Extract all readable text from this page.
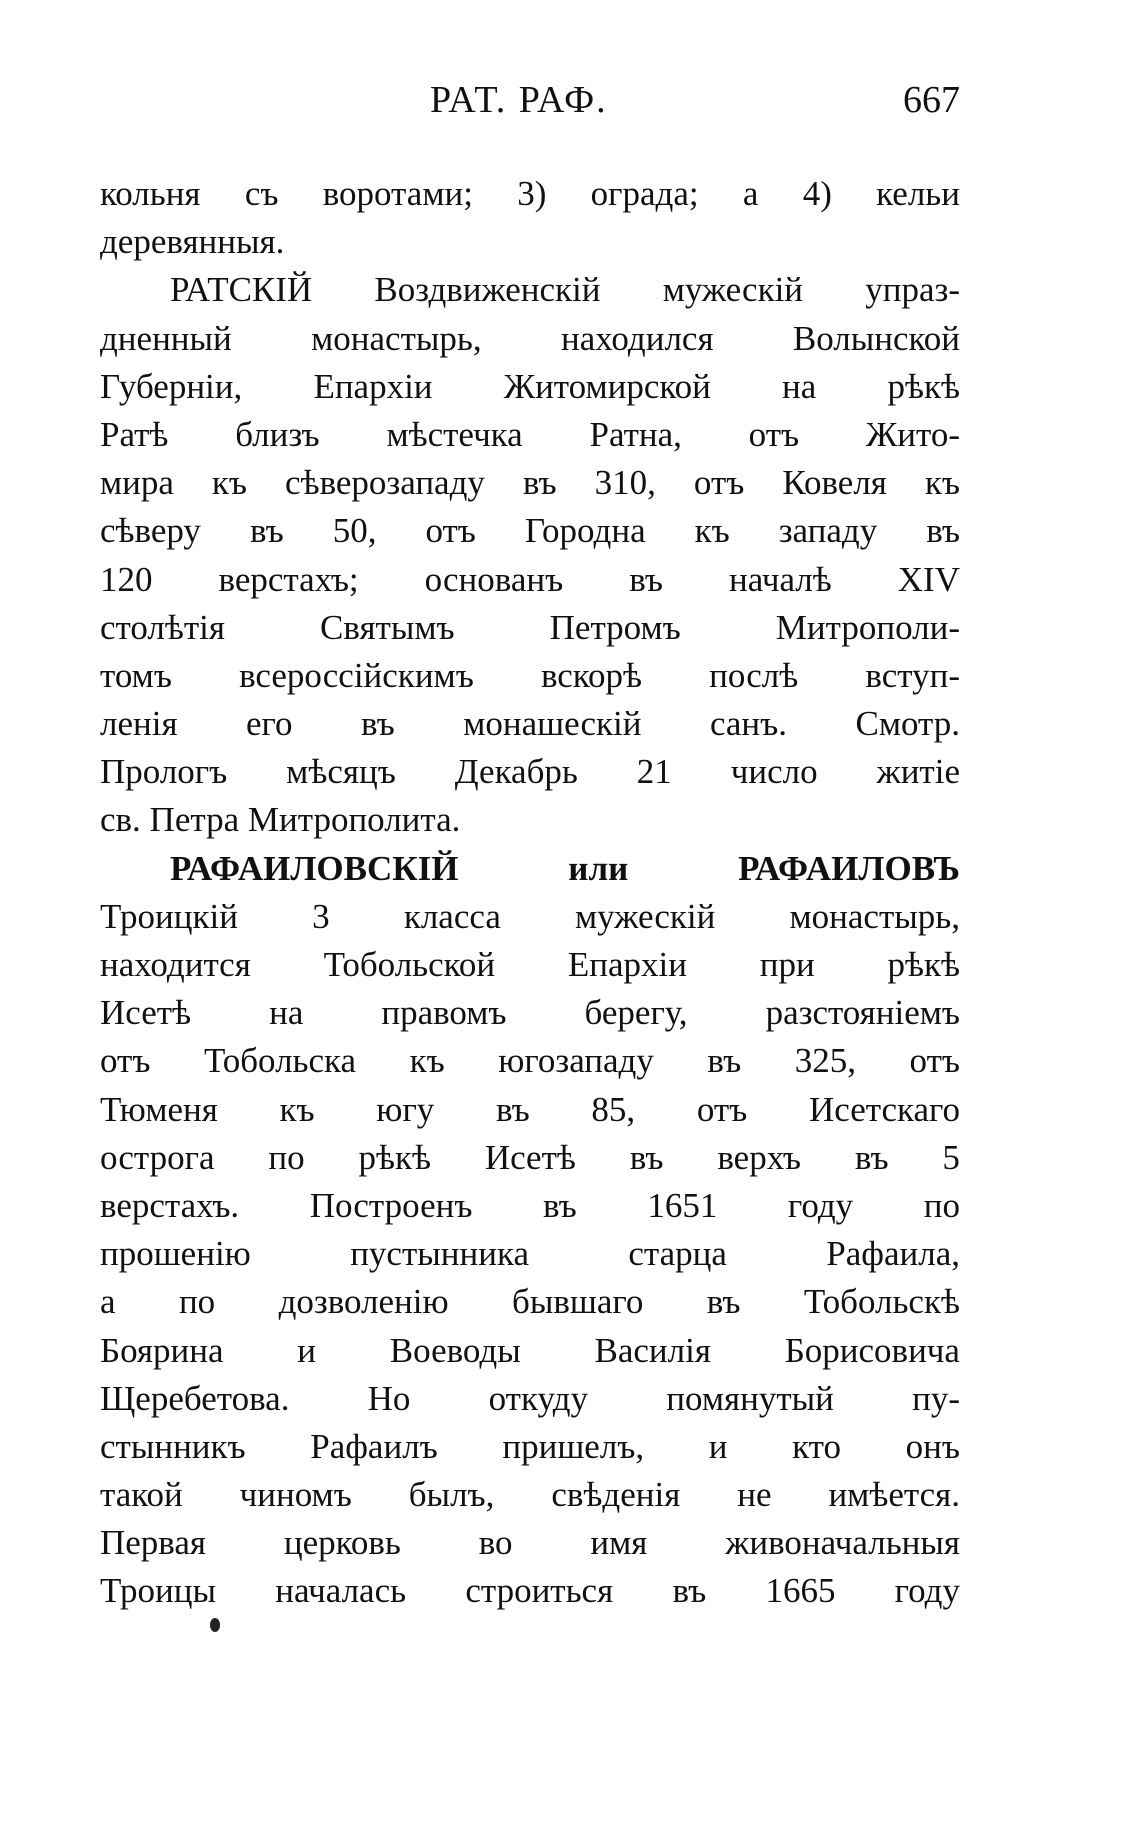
РАТ. РАФ.	667
кольня съ воротами; 3) ограда; а 4) кельи
деревянныя.
РАТСКІЙ Воздвиженскій мужескій упраз-
дненный монастырь, находился Волынской
Губерніи, Епархіи Житомирской на рѣкѣ
Ратѣ близъ мѣстечка Ратна, отъ Жито-
мира къ сѣверозападу въ 310, отъ Ковеля къ
сѣверу въ 50, отъ Городна къ западу въ
120 верстахъ; основанъ въ началѣ XIV
столѣтія	Святымъ	Петромъ	Митрополи-
томъ всероссійскимъ вскорѣ послѣ вступ-
ленія его въ монашескій санъ. Смотр.
Прологъ мѣсяцъ Декабрь 21 число житіе
св. Петра Митрополита.
РАФАИЛОВСКІЙ	или	РАФАИЛОВЪ
Троицкій 3 класса мужескій монастырь,
находится Тобольской Епархіи при рѣкѣ
Исетѣ на правомъ берегу, разстояніемъ
отъ Тобольска къ югозападу въ 325, отъ
Тюменя къ югу въ 85, отъ Исетскаго
острога по рѣкѣ Исетѣ въ верхъ въ 5
верстахъ. Построенъ въ 1651 году по
прошенію	пустынника	старца	Рафаила,
а по дозволенію бывшаго въ Тобольскѣ
Боярина и Воеводы Василія Борисовича
Щеребетова. Но откуду помянутый пу-
стынникъ Рафаилъ пришелъ, и кто онъ
такой чиномъ былъ, свѣденія не имѣется.
Первая церковь во имя живоначальныя
Троицы началась строиться въ 1665 году
